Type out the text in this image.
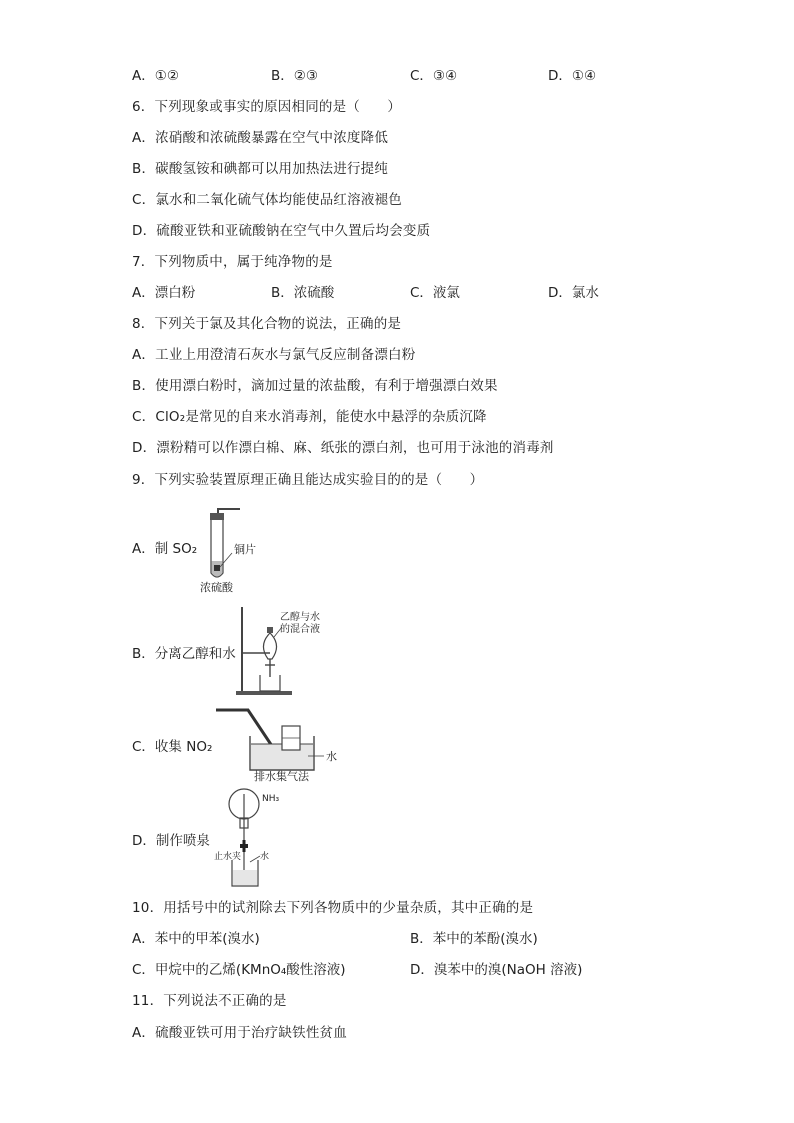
A．①②	B．②③	C．③④	D．①④
6．下列现象或事实的原因相同的是（　　）
A．浓硝酸和浓硫酸暴露在空气中浓度降低
B．碳酸氢铵和碘都可以用加热法进行提纯
C．氯水和二氧化硫气体均能使品红溶液褪色
D．硫酸亚铁和亚硫酸钠在空气中久置后均会变质
7．下列物质中，属于纯净物的是
A．漂白粉	B．浓硫酸	C．液氯	D．氯水
8．下列关于氯及其化合物的说法，正确的是
A．工业上用澄清石灰水与氯气反应制备漂白粉
B．使用漂白粉时，滴加过量的浓盐酸，有利于增强漂白效果
C．ClO₂是常见的自来水消毒剂，能使水中悬浮的杂质沉降
D．漂粉精可以作漂白棉、麻、纸张的漂白剂，也可用于泳池的消毒剂
9．下列实验装置原理正确且能达成实验目的的是（　　）
A．制 SO₂	铜片
浓硫酸
B．分离乙醇和水
乙醇与水
的混合液
C．收集 NO₂
水
排水集气法
D．制作喷泉
NH₃
止水夹 水
10．用括号中的试剂除去下列各物质中的少量杂质，其中正确的是
A．苯中的甲苯(溴水)	B．苯中的苯酚(溴水)
C．甲烷中的乙烯(KMnO₄酸性溶液)	D．溴苯中的溴(NaOH 溶液)
11．下列说法不正确的是
A．硫酸亚铁可用于治疗缺铁性贫血
